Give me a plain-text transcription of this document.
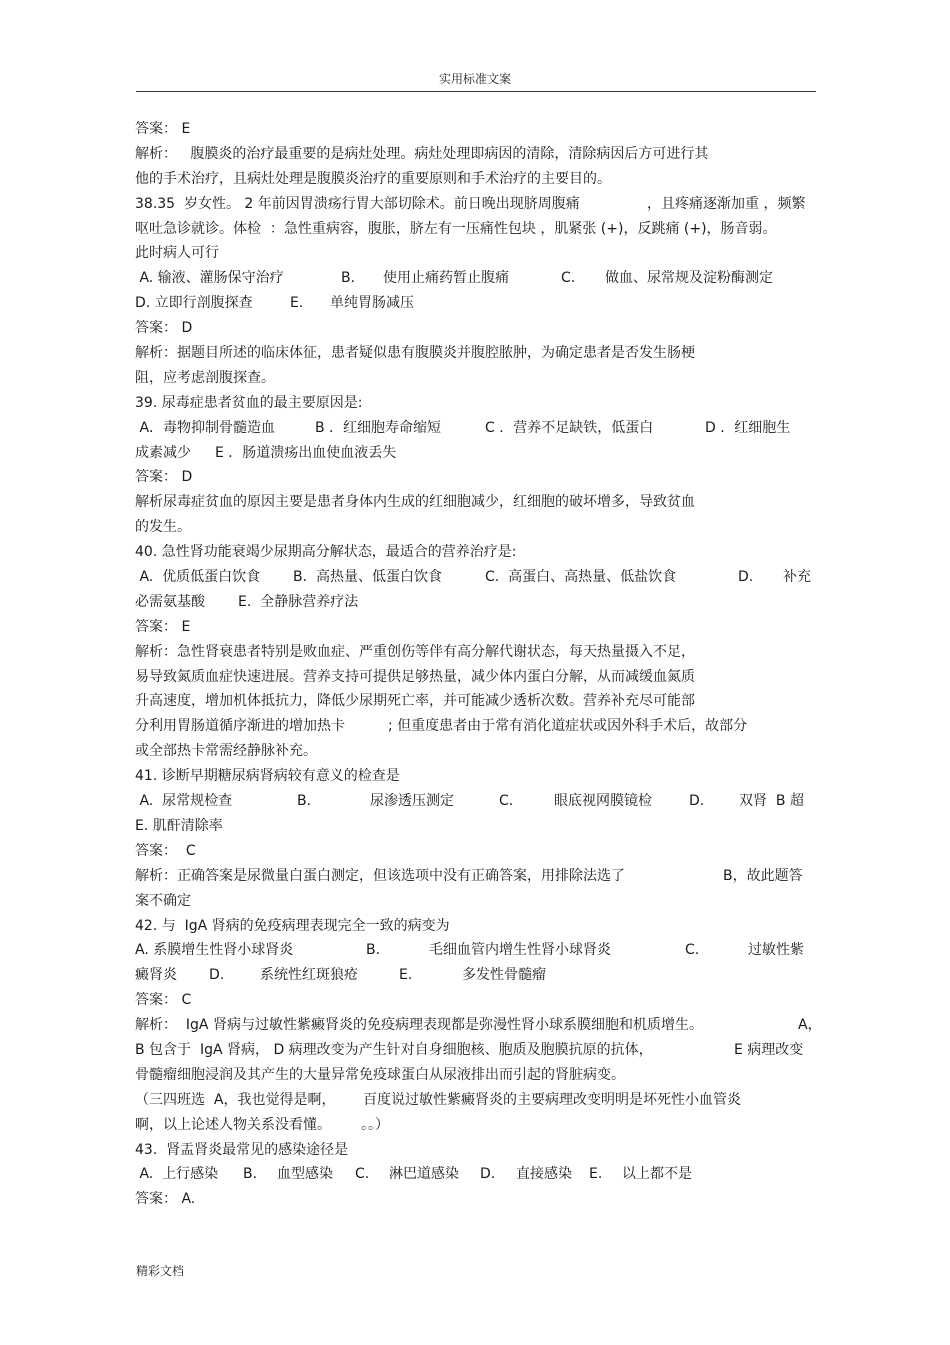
实用标准文案
答案： E
解析：   腹膜炎的治疗最重要的是病灶处理。病灶处理即病因的清除，清除病因后方可进行其
他的手术治疗，且病灶处理是腹膜炎治疗的重要原则和手术治疗的主要目的。
38.35  岁女性。 2 年前因胃溃疡行胃大部切除术。前日晚出现脐周腹痛	，且疼痛逐渐加重 ，频繁
呕吐急诊就诊。体检  ：急性重病容，腹胀，脐左有一压痛性包块 ，肌紧张 (+)，反跳痛 (+)，肠音弱。
此时病人可行
A. 输液、灌肠保守治疗	B. 使用止痛药暂止腹痛	C. 做血、尿常规及淀粉酶测定
D. 立即行剖腹探查	E. 单纯胃肠减压
答案： D
解析：据题目所述的临床体征，患者疑似患有腹膜炎并腹腔脓肿，为确定患者是否发生肠梗
阻，应考虑剖腹探查。
39. 尿毒症患者贫血的最主要原因是:
A．毒物抑制骨髓造血	B ．红细胞寿命缩短	C ．营养不足缺铁，低蛋白	D ．红细胞生
成素减少 E ．肠道溃疡出血使血液丢失
答案： D
解析尿毒症贫血的原因主要是患者身体内生成的红细胞减少，红细胞的破坏增多，导致贫血
的发生。
40. 急性肾功能衰竭少尿期高分解状态，最适合的营养治疗是:
A.  优质低蛋白饮食 B.  高热量、低蛋白饮食	C.  高蛋白、高热量、低盐饮食	D. 补充
必需氨基酸 E.  全静脉营养疗法
答案： E
解析：急性肾衰患者特别是败血症、严重创伤等伴有高分解代谢状态，每天热量摄入不足，
易导致氮质血症快速进展。营养支持可提供足够热量，减少体内蛋白分解，从而减缓血氮质
升高速度，增加机体抵抗力，降低少尿期死亡率，并可能减少透析次数。营养补充尽可能部
分利用胃肠道循序渐进的增加热卡	; 但重度患者由于常有消化道症状或因外科手术后，故部分
或全部热卡常需经静脉补充。
41. 诊断早期糖尿病肾病较有意义的检查是
A.  尿常规检查	B.	尿渗透压测定	C.	眼底视网膜镜检	D. 双肾  B 超
E. 肌酐清除率
答案：  C
解析：正确答案是尿微量白蛋白测定，但该选项中没有正确答案，用排除法选了	B，故此题答
案不确定
42. 与  IgA 肾病的免疫病理表现完全一致的病变为
A. 系膜增生性肾小球肾炎	B.	毛细血管内增生性肾小球肾炎	C.	过敏性紫
癜肾炎 D.	系统性红斑狼疮	E.	多发性骨髓瘤
答案： C
解析：  IgA 肾病与过敏性紫癜肾炎的免疫病理表现都是弥漫性肾小球系膜细胞和机质增生。	A，
B 包含于  IgA 肾病， D 病理改变为产生针对自身细胞核、胞质及胞膜抗原的抗体，	E 病理改变
骨髓瘤细胞浸润及其产生的大量异常免疫球蛋白从尿液排出而引起的肾脏病变。
（三四班选  A，我也觉得是啊， 百度说过敏性紫癜肾炎的主要病理改变明明是坏死性小血管炎
啊，以上论述人物关系没看懂。 。。）
43.  肾盂肾炎最常见的感染途径是
A.  上行感染 B. 血型感染 C. 淋巴道感染 D. 直接感染 E. 以上都不是
答案： A.
精彩文档
